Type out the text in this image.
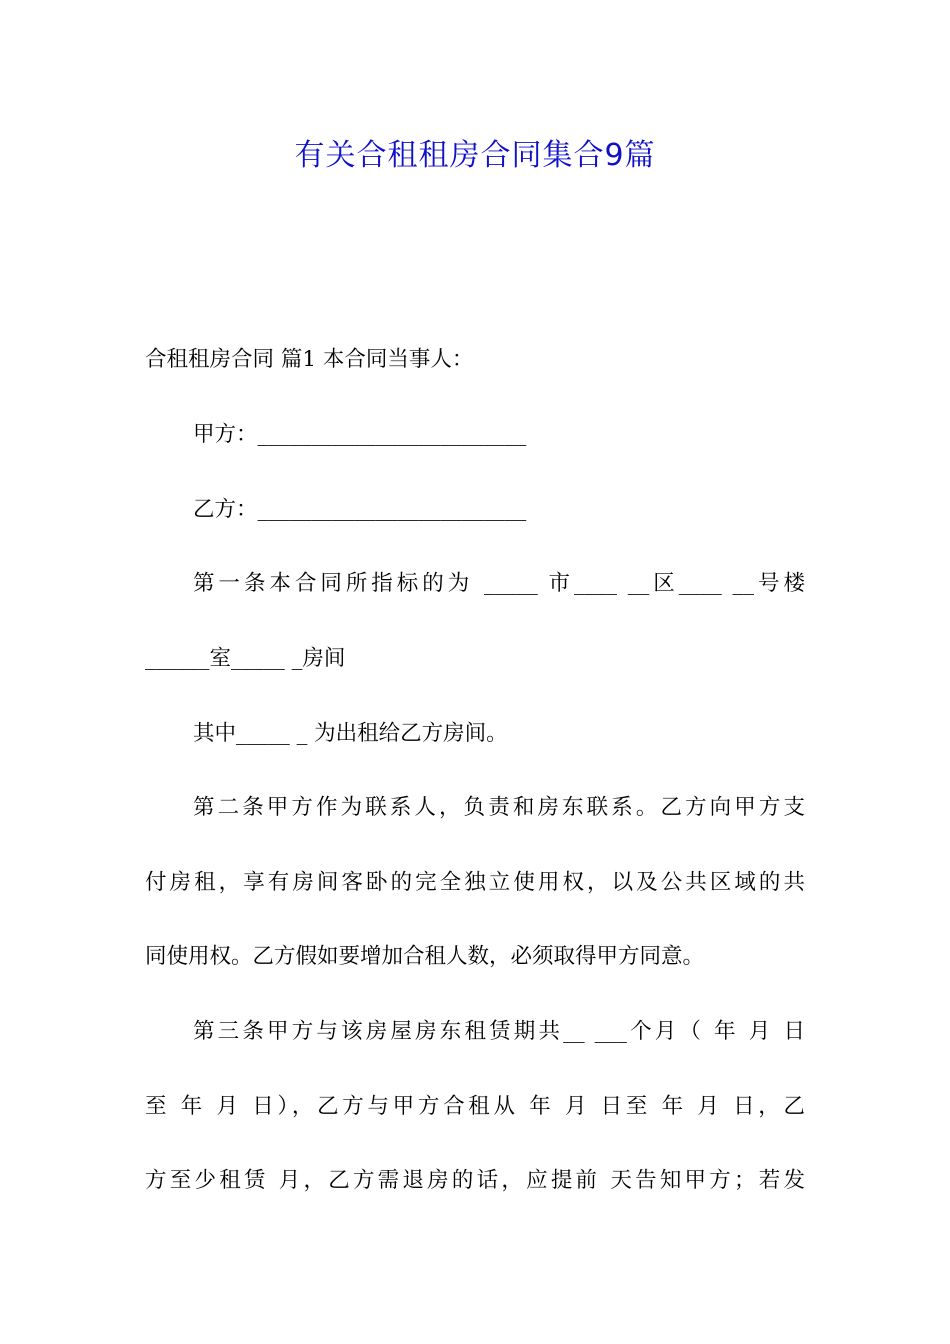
有关合租租房合同集合9篇
合租租房合同 篇1 本合同当事人：
甲方：_________________________
乙方：_________________________
第一条本合同所指标的为 _____ 市____ __区____ __号楼
______室_____ _房间
其中_____ _ 为出租给乙方房间。
第二条甲方作为联系人，负责和房东联系。乙方向甲方支
付房租，享有房间客卧的完全独立使用权，以及公共区域的共
同使用权。乙方假如要增加合租人数，必须取得甲方同意。
第三条甲方与该房屋房东租赁期共__ ___个月（ 年 月 日
至 年 月 日），乙方与甲方合租从 年 月 日至 年 月 日，乙
方至少租赁 月，乙方需退房的话，应提前 天告知甲方；若发
